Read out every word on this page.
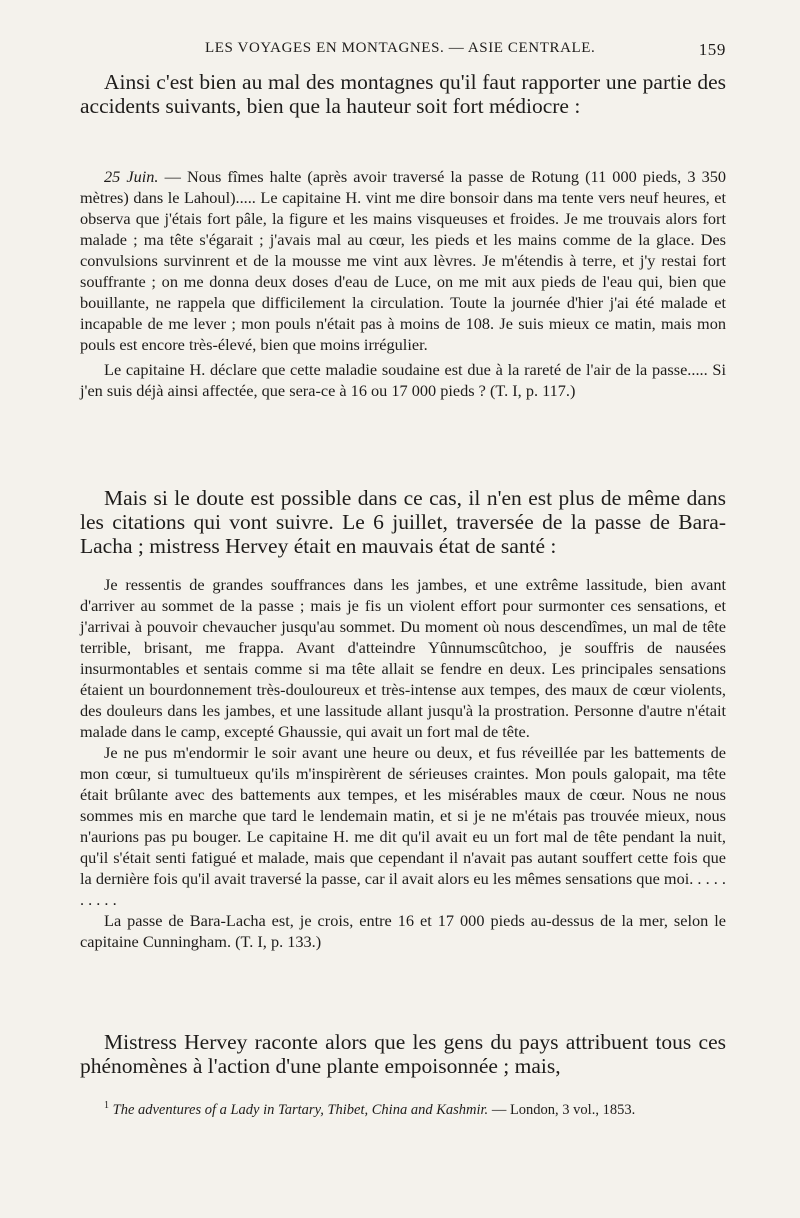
LES VOYAGES EN MONTAGNES. — ASIE CENTRALE.	159

Ainsi c'est bien au mal des montagnes qu'il faut rapporter une partie des accidents suivants, bien que la hauteur soit fort médiocre :

25 Juin. — Nous fîmes halte (après avoir traversé la passe de Rotung (11 000 pieds, 3 350 mètres) dans le Lahoul)..... Le capitaine H. vint me dire bonsoir dans ma tente vers neuf heures, et observa que j'étais fort pâle, la figure et les mains visqueuses et froides. Je me trouvais alors fort malade ; ma tête s'égarait ; j'avais mal au cœur, les pieds et les mains comme de la glace. Des convulsions survinrent et de la mousse me vint aux lèvres. Je m'étendis à terre, et j'y restai fort souffrante ; on me donna deux doses d'eau de Luce, on me mit aux pieds de l'eau qui, bien que bouillante, ne rappela que difficilement la circulation. Toute la journée d'hier j'ai été malade et incapable de me lever ; mon pouls n'était pas à moins de 108. Je suis mieux ce matin, mais mon pouls est encore très-élevé, bien que moins irrégulier.

Le capitaine H. déclare que cette maladie soudaine est due à la rareté de l'air de la passe..... Si j'en suis déjà ainsi affectée, que sera-ce à 16 ou 17 000 pieds ? (T. I, p. 117.)

Mais si le doute est possible dans ce cas, il n'en est plus de même dans les citations qui vont suivre. Le 6 juillet, traversée de la passe de Bara-Lacha ; mistress Hervey était en mauvais état de santé :

Je ressentis de grandes souffrances dans les jambes, et une extrême lassitude, bien avant d'arriver au sommet de la passe ; mais je fis un violent effort pour surmonter ces sensations, et j'arrivai à pouvoir chevaucher jusqu'au sommet. Du moment où nous descendîmes, un mal de tête terrible, brisant, me frappa. Avant d'atteindre Yûnnumscûtchoo, je souffris de nausées insurmontables et sentais comme si ma tête allait se fendre en deux. Les principales sensations étaient un bourdonnement très-douloureux et très-intense aux tempes, des maux de cœur violents, des douleurs dans les jambes, et une lassitude allant jusqu'à la prostration. Personne d'autre n'était malade dans le camp, excepté Ghaussie, qui avait un fort mal de tête.

Je ne pus m'endormir le soir avant une heure ou deux, et fus réveillée par les battements de mon cœur, si tumultueux qu'ils m'inspirèrent de sérieuses craintes. Mon pouls galopait, ma tête était brûlante avec des battements aux tempes, et les misérables maux de cœur. Nous ne nous sommes mis en marche que tard le lendemain matin, et si je ne m'étais pas trouvée mieux, nous n'aurions pas pu bouger. Le capitaine H. me dit qu'il avait eu un fort mal de tête pendant la nuit, qu'il s'était senti fatigué et malade, mais que cependant il n'avait pas autant souffert cette fois que la dernière fois qu'il avait traversé la passe, car il avait alors eu les mêmes sensations que moi. . . . . . . . . .

La passe de Bara-Lacha est, je crois, entre 16 et 17 000 pieds au-dessus de la mer, selon le capitaine Cunningham. (T. I, p. 133.)

Mistress Hervey raconte alors que les gens du pays attribuent tous ces phénomènes à l'action d'une plante empoisonnée ; mais,

$^1$ The adventures of a Lady in Tartary, Thibet, China and Kashmir. — London, 3 vol., 1853.
